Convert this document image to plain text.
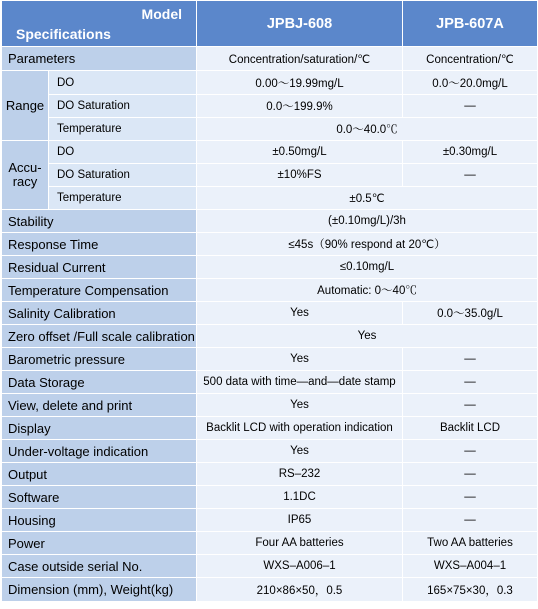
Model
Specifications		JPBJ-608	JPB-607A
Parameters		Concentration/saturation/℃	Concentration/℃
Range	DO	0.00～19.99mg/L	0.0～20.0mg/L
	DO Saturation	0.0～199.9%	—
	Temperature	0.0～40.0℃	
Accu-
racy	DO	±0.50mg/L	±0.30mg/L
	DO Saturation	±10%FS	—
	Temperature	±0.5℃	
Stability		(±0.10mg/L)/3h	
Response Time		≤45s（90% respond at 20℃）	
Residual Current		≤0.10mg/L	
Temperature Compensation		Automatic: 0～40℃	
Salinity Calibration		Yes	0.0～35.0g/L
Zero offset /Full scale calibration		Yes	
Barometric pressure		Yes	—
Data Storage		500 data with time—and—date stamp	—
View, delete and print		Yes	—
Display		Backlit LCD with operation indication	Backlit LCD
Under-voltage indication		Yes	—
Output		RS–232	—
Software		1.1DC	—
Housing		IP65	—
Power		Four AA batteries	Two AA batteries
Case outside serial No.		WXS–A006–1	WXS–A004–1
Dimension (mm), Weight(kg)		210×86×50，0.5	165×75×30，0.3
